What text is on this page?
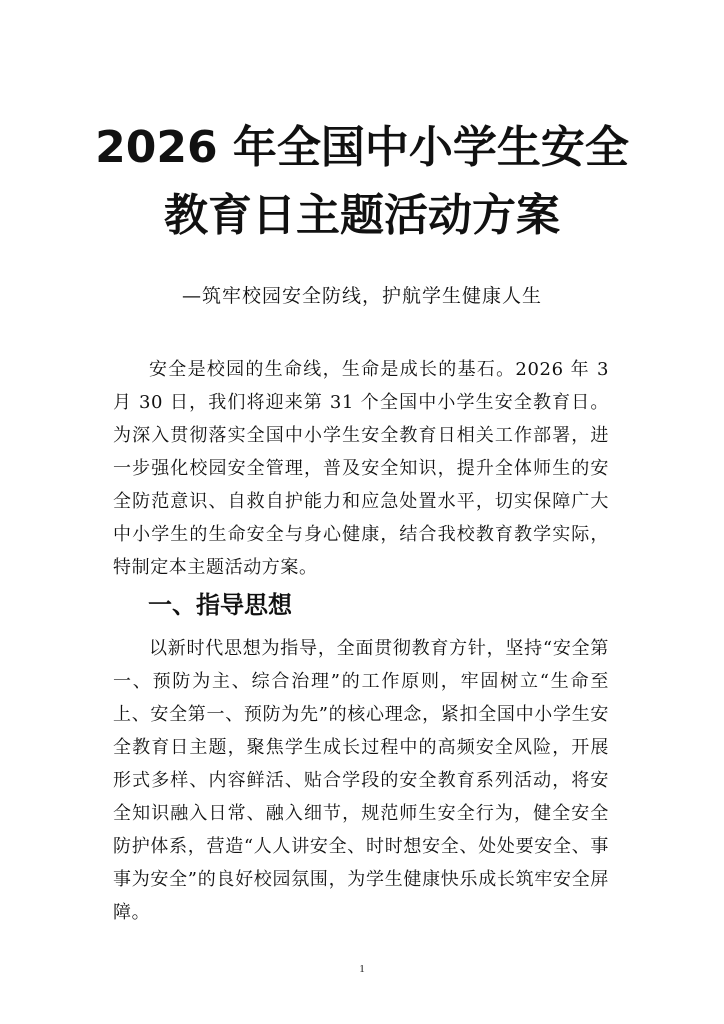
2026 年全国中小学生安全
教育日主题活动方案
—筑牢校园安全防线，护航学生健康人生

安全是校园的生命线，生命是成长的基石。2026 年 3 月 30 日，我们将迎来第 31 个全国中小学生安全教育日。为深入贯彻落实全国中小学生安全教育日相关工作部署，进一步强化校园安全管理，普及安全知识，提升全体师生的安全防范意识、自救自护能力和应急处置水平，切实保障广大中小学生的生命安全与身心健康，结合我校教育教学实际，特制定本主题活动方案。

一、指导思想

以新时代思想为指导，全面贯彻教育方针，坚持“安全第一、预防为主、综合治理”的工作原则，牢固树立“生命至上、安全第一、预防为先”的核心理念，紧扣全国中小学生安全教育日主题，聚焦学生成长过程中的高频安全风险，开展形式多样、内容鲜活、贴合学段的安全教育系列活动，将安全知识融入日常、融入细节，规范师生安全行为，健全安全防护体系，营造“人人讲安全、时时想安全、处处要安全、事事为安全”的良好校园氛围，为学生健康快乐成长筑牢安全屏障。

1
